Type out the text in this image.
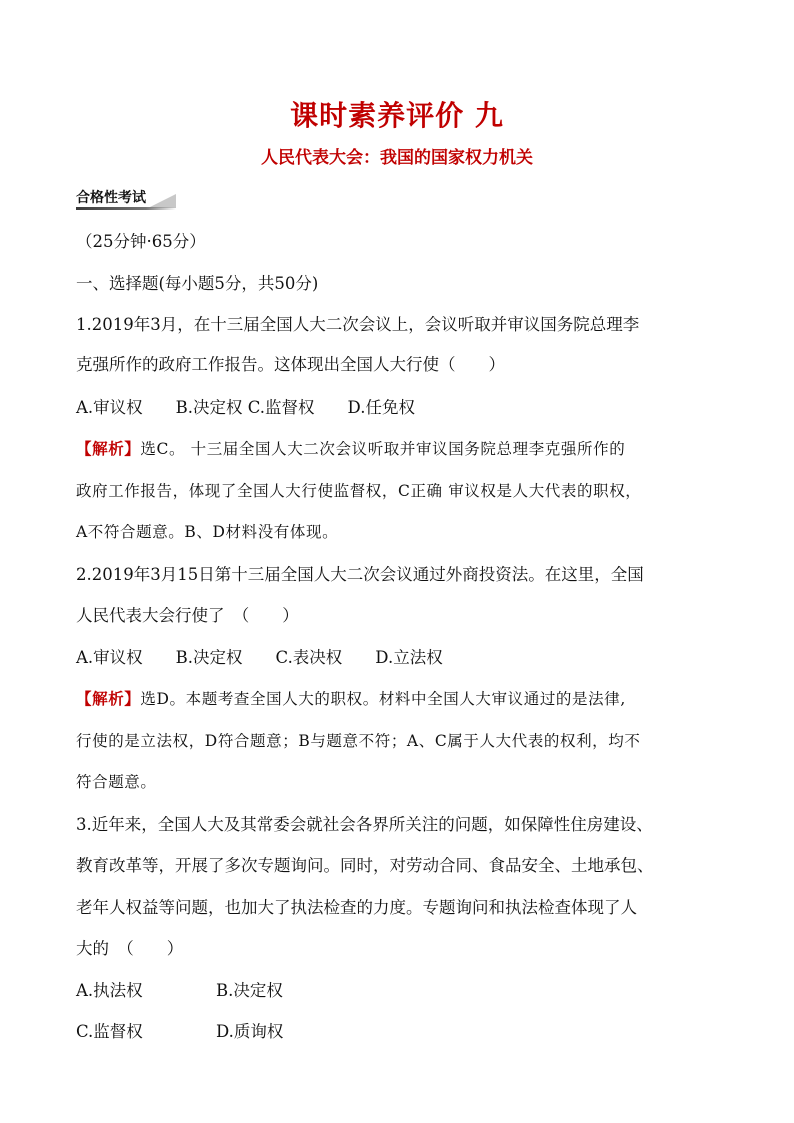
课时素养评价 九
人民代表大会：我国的国家权力机关
合格性考试
（25分钟·65分）
一、选择题(每小题5分，共50分)
1.2019年3月，在十三届全国人大二次会议上，会议听取并审议国务院总理李
克强所作的政府工作报告。这体现出全国人大行使（　　）
A.审议权　　B.决定权 C.监督权　　D.任免权
【解析】选C。 十三届全国人大二次会议听取并审议国务院总理李克强所作的
政府工作报告，体现了全国人大行使监督权，C正确 审议权是人大代表的职权，
A不符合题意。B、D材料没有体现。
2.2019年3月15日第十三届全国人大二次会议通过外商投资法。在这里，全国
人民代表大会行使了　（　　）
A.审议权　　B.决定权　　C.表决权　　D.立法权
【解析】选D。本题考查全国人大的职权。材料中全国人大审议通过的是法律,
行使的是立法权，D符合题意；B与题意不符；A、C属于人大代表的权利，均不
符合题意。
3.近年来，全国人大及其常委会就社会各界所关注的问题，如保障性住房建设、
教育改革等，开展了多次专题询问。同时，对劳动合同、食品安全、土地承包、
老年人权益等问题，也加大了执法检查的力度。专题询问和执法检查体现了人
大的　（　　）
A.执法权	B.决定权
C.监督权	D.质询权
